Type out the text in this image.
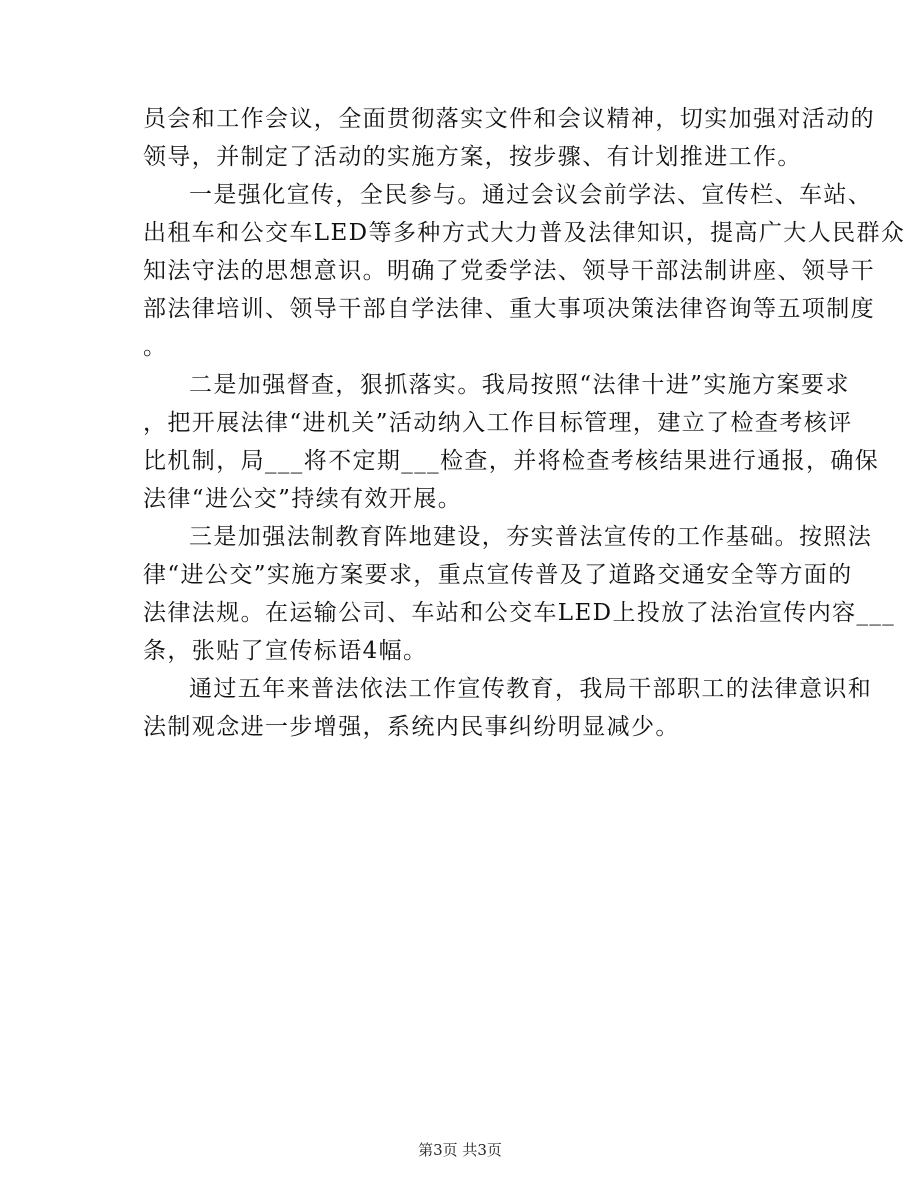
员会和工作会议，全面贯彻落实文件和会议精神，切实加强对活动的
领导，并制定了活动的实施方案，按步骤、有计划推进工作。
一是强化宣传，全民参与。通过会议会前学法、宣传栏、车站、
出租车和公交车LED等多种方式大力普及法律知识，提高广大人民群众
知法守法的思想意识。明确了党委学法、领导干部法制讲座、领导干
部法律培训、领导干部自学法律、重大事项决策法律咨询等五项制度
。
二是加强督查，狠抓落实。我局按照“法律十进”实施方案要求
，把开展法律“进机关”活动纳入工作目标管理，建立了检查考核评
比机制，局___将不定期___检查，并将检查考核结果进行通报，确保
法律“进公交”持续有效开展。
三是加强法制教育阵地建设，夯实普法宣传的工作基础。按照法
律“进公交”实施方案要求，重点宣传普及了道路交通安全等方面的
法律法规。在运输公司、车站和公交车LED上投放了法治宣传内容___
条，张贴了宣传标语4幅。
通过五年来普法依法工作宣传教育，我局干部职工的法律意识和
法制观念进一步增强，系统内民事纠纷明显减少。
第3页 共3页
